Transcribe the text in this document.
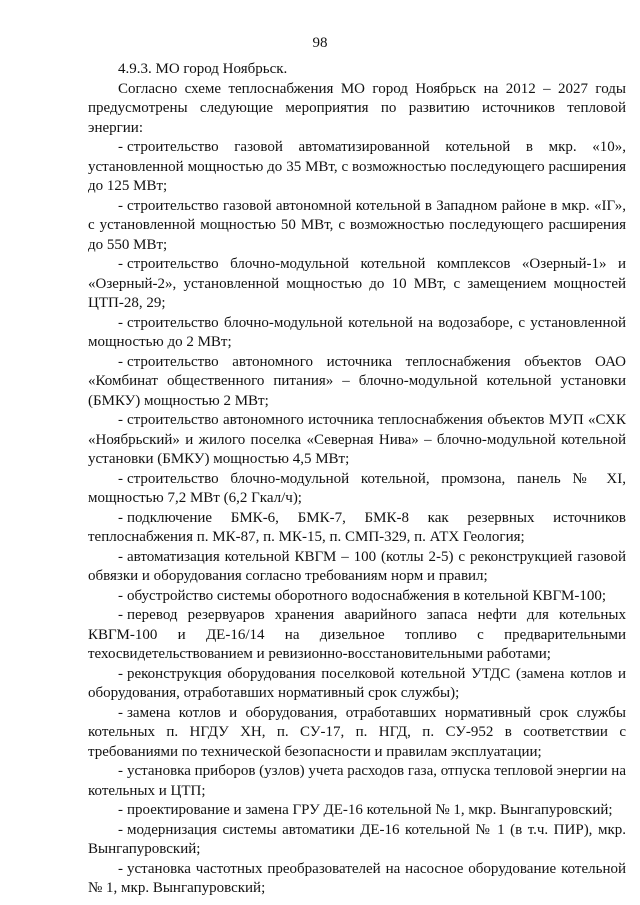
98

4.9.3. МО город Ноябрьск.

Согласно схеме теплоснабжения МО город Ноябрьск на 2012 – 2027 годы предусмотрены следующие мероприятия по развитию источников тепловой энергии:

- строительство газовой автоматизированной котельной в мкр. «10», установленной мощностью до 35 МВт, с возможностью последующего расширения до 125 МВт;

- строительство газовой автономной котельной в Западном районе в мкр. «IГ», с установленной мощностью 50 МВт, с возможностью последующего расширения до 550 МВт;

- строительство блочно-модульной котельной комплексов «Озерный-1» и «Озерный-2», установленной мощностью до 10 МВт, с замещением мощностей ЦТП-28, 29;

- строительство блочно-модульной котельной на водозаборе, с установленной мощностью до 2 МВт;

- строительство автономного источника теплоснабжения объектов ОАО «Комбинат общественного питания» – блочно-модульной котельной установки (БМКУ) мощностью 2 МВт;

- строительство автономного источника теплоснабжения объектов МУП «СХК «Ноябрьский» и жилого поселка «Северная Нива» – блочно-модульной котельной установки (БМКУ) мощностью 4,5 МВт;

- строительство блочно-модульной котельной, промзона, панель № XI, мощностью 7,2 МВт (6,2 Гкал/ч);

- подключение БМК-6, БМК-7, БМК-8 как резервных источников теплоснабжения п. МК-87, п. МК-15, п. СМП-329, п. АТХ Геология;

- автоматизация котельной КВГМ – 100 (котлы 2-5) с реконструкцией газовой обвязки и оборудования согласно требованиям норм и правил;

- обустройство системы оборотного водоснабжения в котельной КВГМ-100;

- перевод резервуаров хранения аварийного запаса нефти для котельных КВГМ-100 и ДЕ-16/14 на дизельное топливо с предварительными техосвидетельствованием и ревизионно-восстановительными работами;

- реконструкция оборудования поселковой котельной УТДС (замена котлов и оборудования, отработавших нормативный срок службы);

- замена котлов и оборудования, отработавших нормативный срок службы котельных п. НГДУ ХН, п. СУ-17, п. НГД, п. СУ-952 в соответствии с требованиями по технической безопасности и правилам эксплуатации;

- установка приборов (узлов) учета расходов газа, отпуска тепловой энергии на котельных и ЦТП;

- проектирование и замена ГРУ ДЕ-16 котельной № 1, мкр. Вынгапуровский;

- модернизация системы автоматики ДЕ-16 котельной № 1 (в т.ч. ПИР), мкр. Вынгапуровский;

- установка частотных преобразователей на насосное оборудование котельной № 1, мкр. Вынгапуровский;
